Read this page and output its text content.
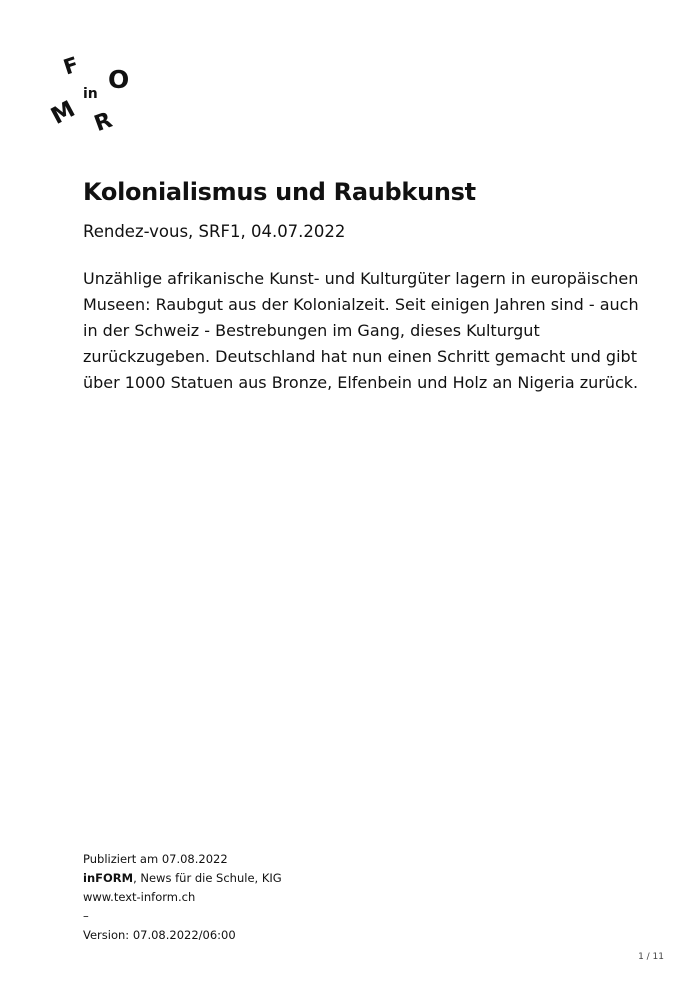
F
in O
M R
Kolonialismus und Raubkunst

Rendez-vous, SRF1, 04.07.2022

Unzählige afrikanische Kunst- und Kulturgüter lagern in europäischen
Museen: Raubgut aus der Kolonialzeit. Seit einigen Jahren sind - auch
in der Schweiz - Bestrebungen im Gang, dieses Kulturgut
zurückzugeben. Deutschland hat nun einen Schritt gemacht und gibt
über 1000 Statuen aus Bronze, Elfenbein und Holz an Nigeria zurück.
Publiziert am 07.08.2022
inFORM, News für die Schule, KIG
www.text-inform.ch
–
Version: 07.08.2022/06:00
1 / 11
